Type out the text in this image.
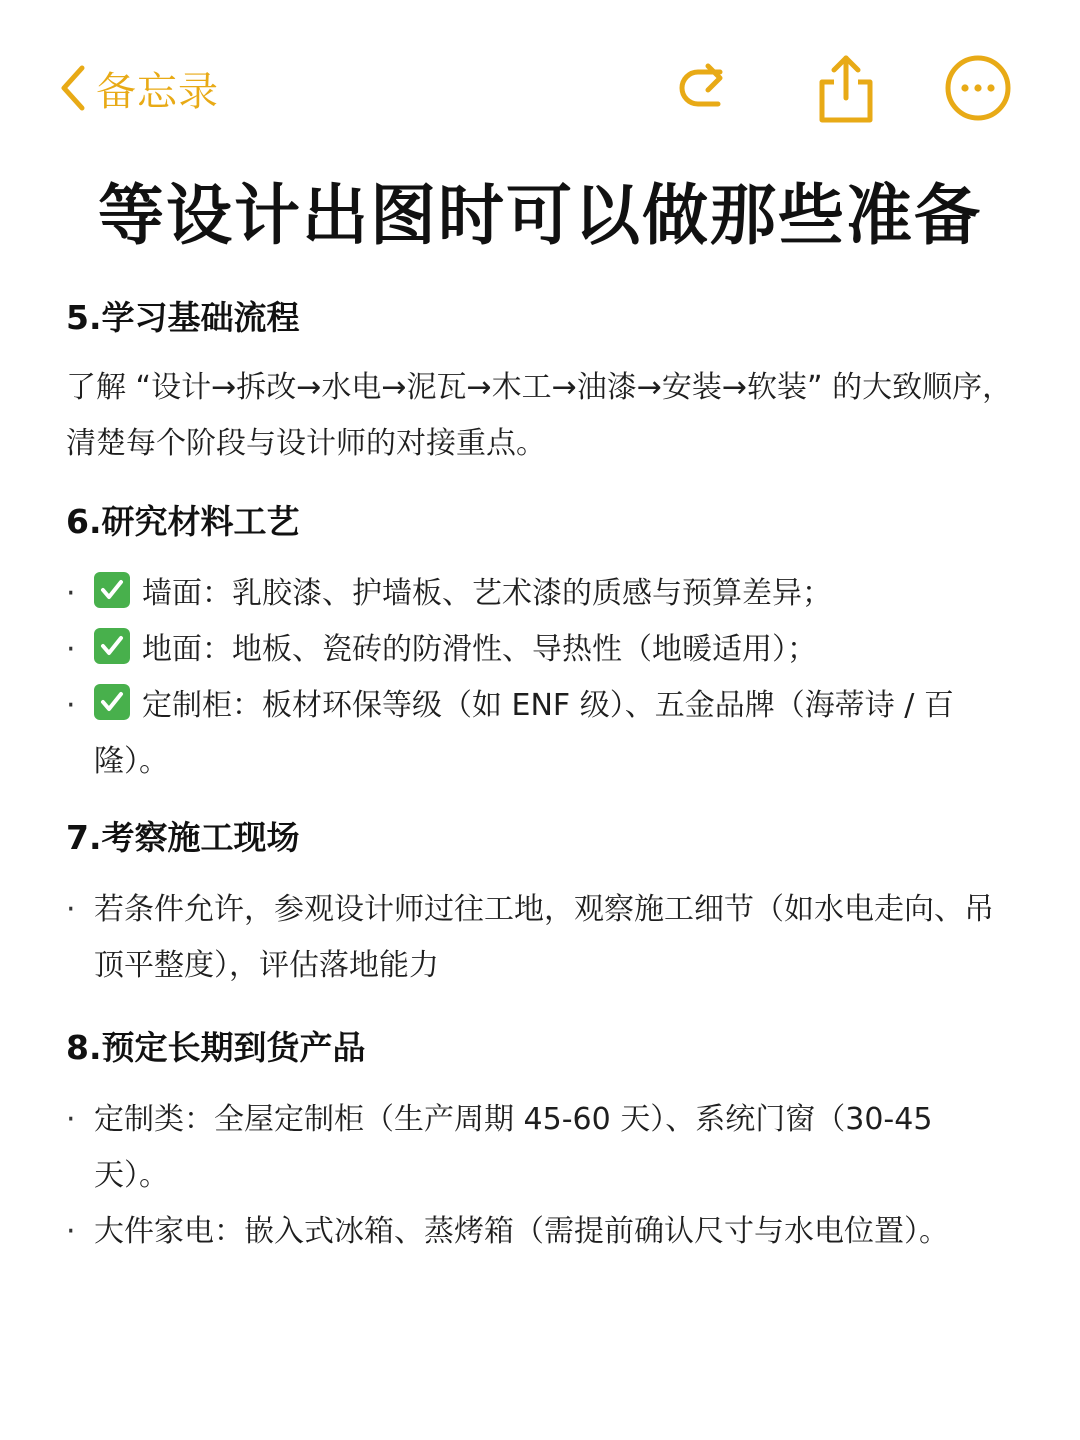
备忘录
等设计出图时可以做那些准备
5.学习基础流程

了解 “设计→拆改→水电→泥瓦→木工→油漆→安装→软装” 的大致顺序，清楚每个阶段与设计师的对接重点。

6.研究材料工艺
·	墙面：乳胶漆、护墙板、艺术漆的质感与预算差异；
·	地面：地板、瓷砖的防滑性、导热性（地暖适用）；
·	定制柜：板材环保等级（如 ENF 级）、五金品牌（海蒂诗 / 百隆）。
7.考察施工现场
· 若条件允许，参观设计师过往工地，观察施工细节（如水电走向、吊顶平整度），评估落地能力
8.预定长期到货产品
· 定制类：全屋定制柜（生产周期 45-60 天）、系统门窗（30-45 天）。
· 大件家电：嵌入式冰箱、蒸烤箱（需提前确认尺寸与水电位置）。
